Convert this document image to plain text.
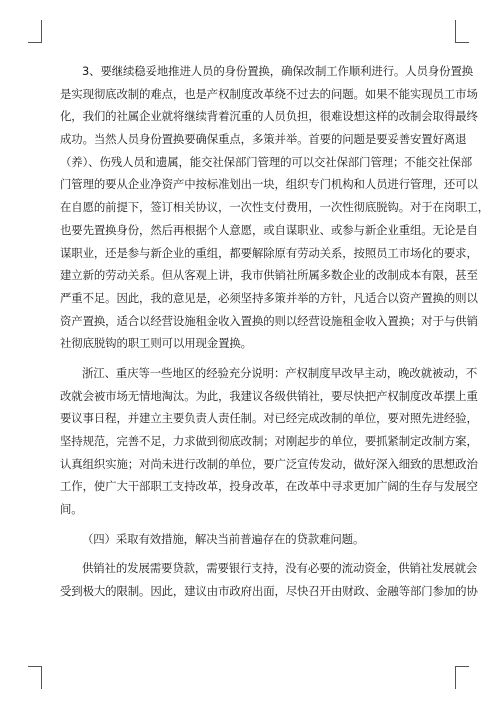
3、要继续稳妥地推进人员的身份置换，确保改制工作顺利进行。人员身份置换
是实现彻底改制的难点，也是产权制度改革绕不过去的问题。如果不能实现员工市场
化，我们的社属企业就将继续背着沉重的人员负担，很难设想这样的改制会取得最终
成功。当然人员身份置换要确保重点，多策并举。首要的问题是要妥善安置好离退
（养）、伤残人员和遗属，能交社保部门管理的可以交社保部门管理；不能交社保部
门管理的要从企业净资产中按标准划出一块，组织专门机构和人员进行管理，还可以
在自愿的前提下，签订相关协议，一次性支付费用，一次性彻底脱钩。对于在岗职工，
也要先置换身份，然后再根据个人意愿，或自谋职业、或参与新企业重组。无论是自
谋职业，还是参与新企业的重组，都要解除原有劳动关系，按照员工市场化的要求，
建立新的劳动关系。但从客观上讲，我市供销社所属多数企业的改制成本有限，甚至
严重不足。因此，我的意见是，必须坚持多策并举的方针，凡适合以资产置换的则以
资产置换，适合以经营设施租金收入置换的则以经营设施租金收入置换；对于与供销
社彻底脱钩的职工则可以用现金置换。
浙江、重庆等一些地区的经验充分说明：产权制度早改早主动，晚改就被动，不
改就会被市场无情地淘汰。为此，我建议各级供销社，要尽快把产权制度改革摆上重
要议事日程，并建立主要负责人责任制。对已经完成改制的单位，要对照先进经验，
坚持规范，完善不足，力求做到彻底改制；对刚起步的单位，要抓紧制定改制方案，
认真组织实施；对尚未进行改制的单位，要广泛宣传发动，做好深入细致的思想政治
工作，使广大干部职工支持改革，投身改革，在改革中寻求更加广阔的生存与发展空
间。
（四）采取有效措施，解决当前普遍存在的贷款难问题。
供销社的发展需要贷款，需要银行支持，没有必要的流动资金，供销社发展就会
受到极大的限制。因此，建议由市政府出面，尽快召开由财政、金融等部门参加的协
